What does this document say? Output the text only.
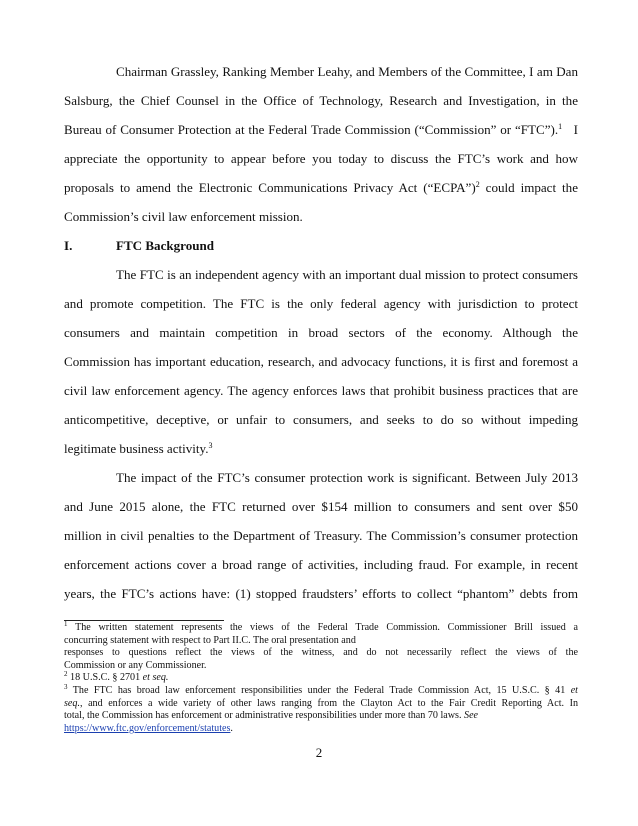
Chairman Grassley, Ranking Member Leahy, and Members of the Committee, I am Dan
Salsburg, the Chief Counsel in the Office of Technology, Research and Investigation, in the
Bureau of Consumer Protection at the Federal Trade Commission (“Commission” or “FTC”).$^1$ I
appreciate the opportunity to appear before you today to discuss the FTC’s work and how
proposals to amend the Electronic Communications Privacy Act (“ECPA”)$^2$ could impact the
Commission’s civil law enforcement mission.
I.	FTC Background
The FTC is an independent agency with an important dual mission to protect consumers
and promote competition. The FTC is the only federal agency with jurisdiction to protect
consumers and maintain competition in broad sectors of the economy. Although the
Commission has important education, research, and advocacy functions, it is first and foremost a
civil law enforcement agency. The agency enforces laws that prohibit business practices that are
anticompetitive, deceptive, or unfair to consumers, and seeks to do so without impeding
legitimate business activity.$^3$
The impact of the FTC’s consumer protection work is significant. Between July 2013
and June 2015 alone, the FTC returned over $154 million to consumers and sent over $50
million in civil penalties to the Department of Treasury. The Commission’s consumer protection
enforcement actions cover a broad range of activities, including fraud. For example, in recent
years, the FTC’s actions have: (1) stopped fraudsters’ efforts to collect “phantom” debts from
$^1$ The written statement represents the views of the Federal Trade Commission. Commissioner Brill issued a
concurring statement with respect to Part II.C. The oral presentation and
responses to questions reflect the views of the witness, and do not necessarily reflect the views of the
Commission or any Commissioner.
$^2$ 18 U.S.C. § 2701 et seq.
$^3$ The FTC has broad law enforcement responsibilities under the Federal Trade Commission Act, 15 U.S.C. § 41 et
seq., and enforces a wide variety of other laws ranging from the Clayton Act to the Fair Credit Reporting Act. In
total, the Commission has enforcement or administrative responsibilities under more than 70 laws. See
https://www.ftc.gov/enforcement/statutes.
2
